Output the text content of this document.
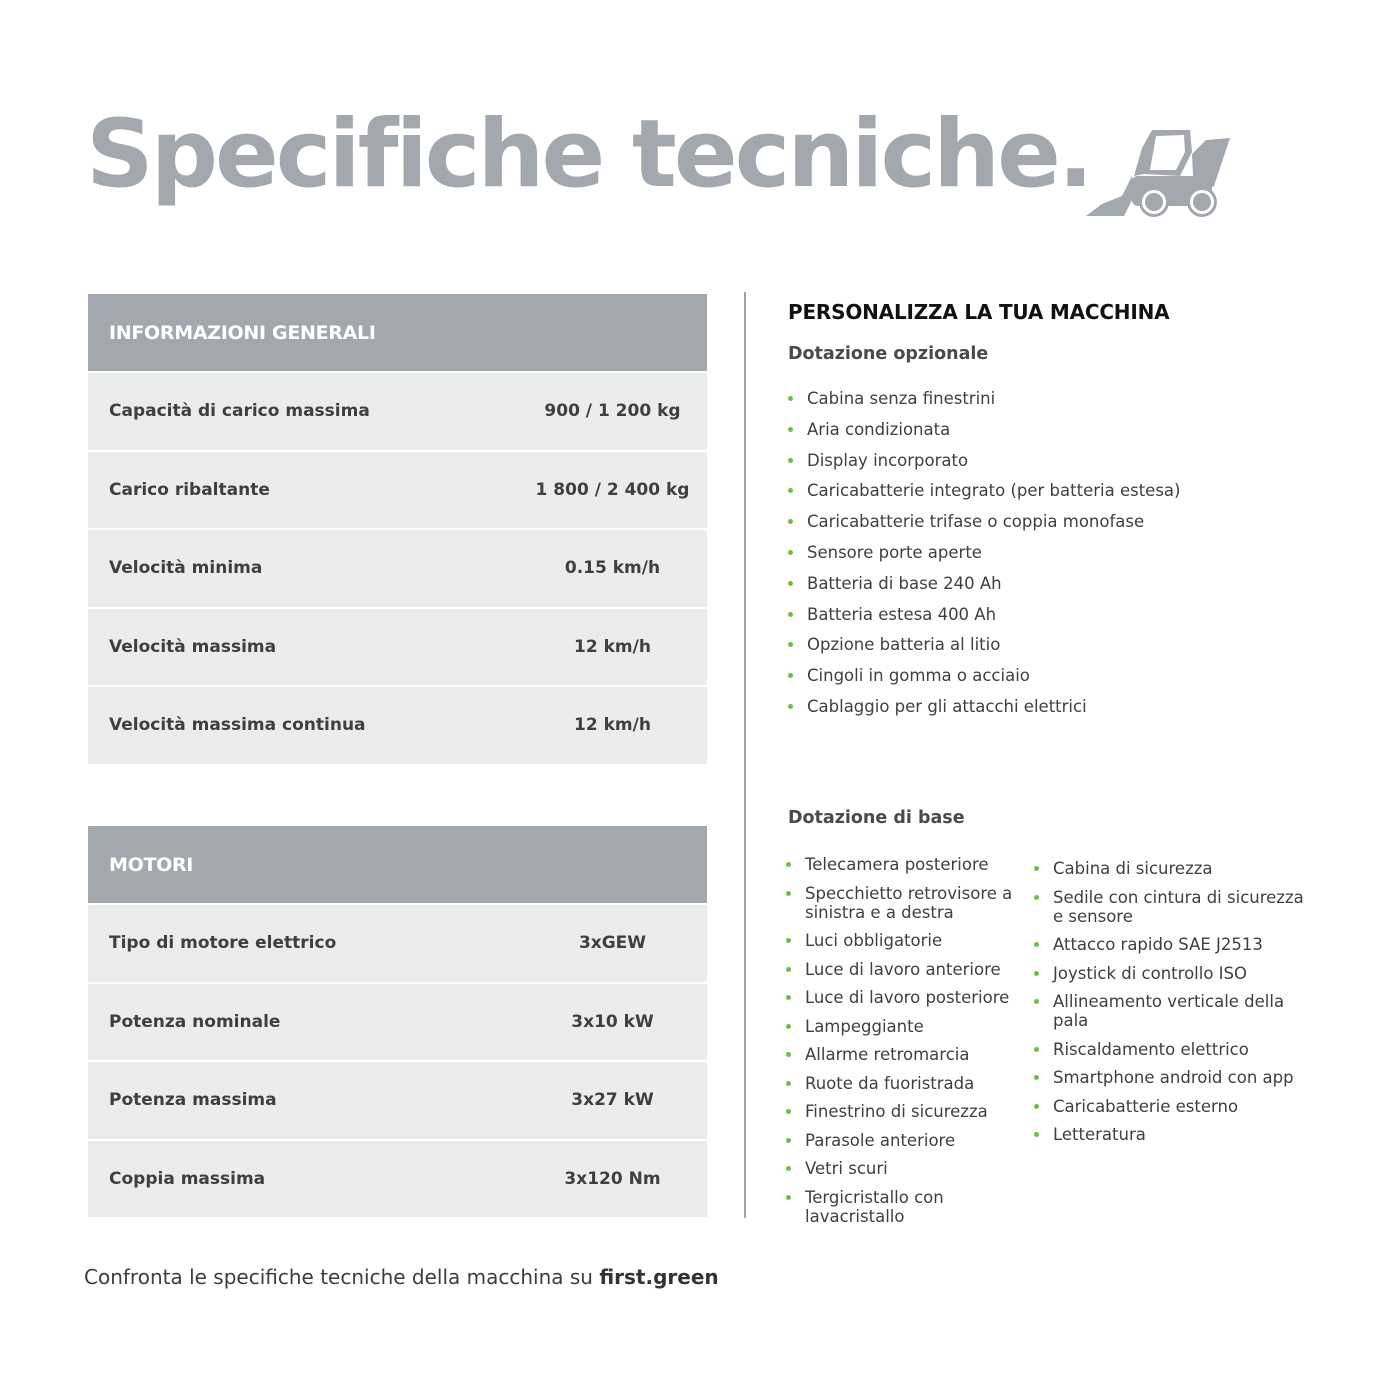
Specifiche tecniche.
INFORMAZIONI GENERALI
Capacità di carico massima	900 / 1 200 kg
Carico ribaltante	1 800 / 2 400 kg
Velocità minima	0.15 km/h
Velocità massima	12 km/h
Velocità massima continua	12 km/h
MOTORI
Tipo di motore elettrico	3xGEW
Potenza nominale	3x10 kW
Potenza massima	3x27 kW
Coppia massima	3x120 Nm
PERSONALIZZA LA TUA MACCHINA
Dotazione opzionale
Cabina senza finestrini
Aria condizionata
Display incorporato
Caricabatterie integrato (per batteria estesa)
Caricabatterie trifase o coppia monofase
Sensore porte aperte
Batteria di base 240 Ah
Batteria estesa 400 Ah
Opzione batteria al litio
Cingoli in gomma o acciaio
Cablaggio per gli attacchi elettrici
Dotazione di base
Telecamera posteriore
Specchietto retrovisore a sinistra e a destra
Luci obbligatorie
Luce di lavoro anteriore
Luce di lavoro posteriore
Lampeggiante
Allarme retromarcia
Ruote da fuoristrada
Finestrino di sicurezza
Parasole anteriore
Vetri scuri
Tergicristallo con lavacristallo
Cabina di sicurezza
Sedile con cintura di sicurezza e sensore
Attacco rapido SAE J2513
Joystick di controllo ISO
Allineamento verticale della pala
Riscaldamento elettrico
Smartphone android con app
Caricabatterie esterno
Letteratura

Confronta le specifiche tecniche della macchina su first.green
